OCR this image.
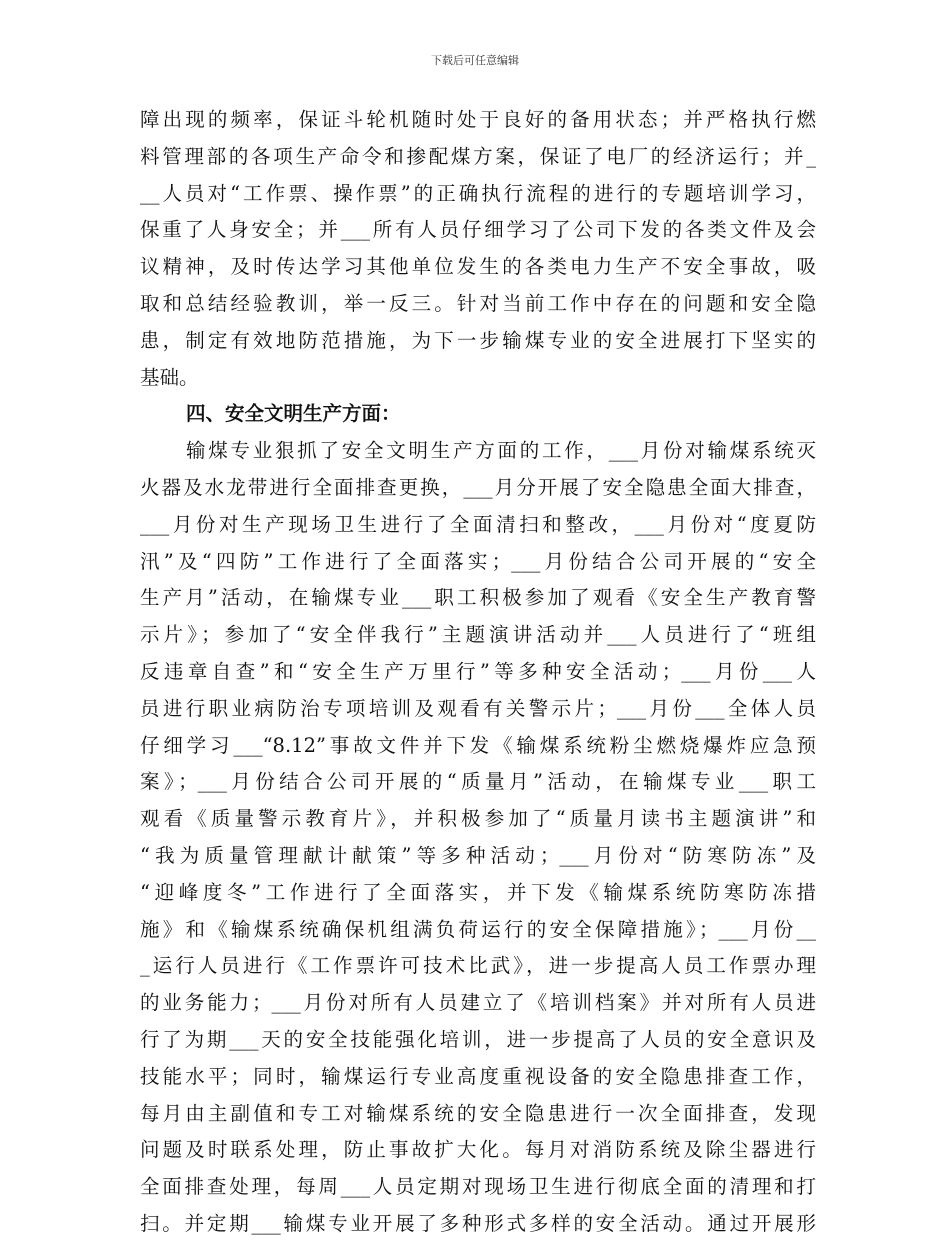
下载后可任意编辑
障出现的频率，保证斗轮机随时处于良好的备用状态；并严格执行燃
料管理部的各项生产命令和掺配煤方案，保证了电厂的经济运行；并_
__人员对“工作票、操作票”的正确执行流程的进行的专题培训学习，
保重了人身安全；并___所有人员仔细学习了公司下发的各类文件及会
议精神，及时传达学习其他单位发生的各类电力生产不安全事故，吸
取和总结经验教训，举一反三。针对当前工作中存在的问题和安全隐
患，制定有效地防范措施，为下一步输煤专业的安全进展打下坚实的
基础。
四、安全文明生产方面：
输煤专业狠抓了安全文明生产方面的工作，___月份对输煤系统灭
火器及水龙带进行全面排查更换，___月分开展了安全隐患全面大排查，
___月份对生产现场卫生进行了全面清扫和整改，___月份对“度夏防
汛”及“四防”工作进行了全面落实；___月份结合公司开展的“安全
生产月”活动，在输煤专业___职工积极参加了观看《安全生产教育警
示片》；参加了“安全伴我行”主题演讲活动并___人员进行了“班组
反违章自查”和“安全生产万里行”等多种安全活动；___月份___人
员进行职业病防治专项培训及观看有关警示片；___月份___全体人员
仔细学习___“8.12”事故文件并下发《输煤系统粉尘燃烧爆炸应急预
案》；___月份结合公司开展的“质量月”活动，在输煤专业___职工
观看《质量警示教育片》，并积极参加了“质量月读书主题演讲”和
“我为质量管理献计献策”等多种活动；___月份对“防寒防冻”及
“迎峰度冬”工作进行了全面落实，并下发《输煤系统防寒防冻措
施》和《输煤系统确保机组满负荷运行的安全保障措施》；___月份__
_运行人员进行《工作票许可技术比武》，进一步提高人员工作票办理
的业务能力；___月份对所有人员建立了《培训档案》并对所有人员进
行了为期___天的安全技能强化培训，进一步提高了人员的安全意识及
技能水平；同时，输煤运行专业高度重视设备的安全隐患排查工作，
每月由主副值和专工对输煤系统的安全隐患进行一次全面排查，发现
问题及时联系处理，防止事故扩大化。每月对消防系统及除尘器进行
全面排查处理，每周___人员定期对现场卫生进行彻底全面的清理和打
扫。并定期___输煤专业开展了多种形式多样的安全活动。通过开展形
